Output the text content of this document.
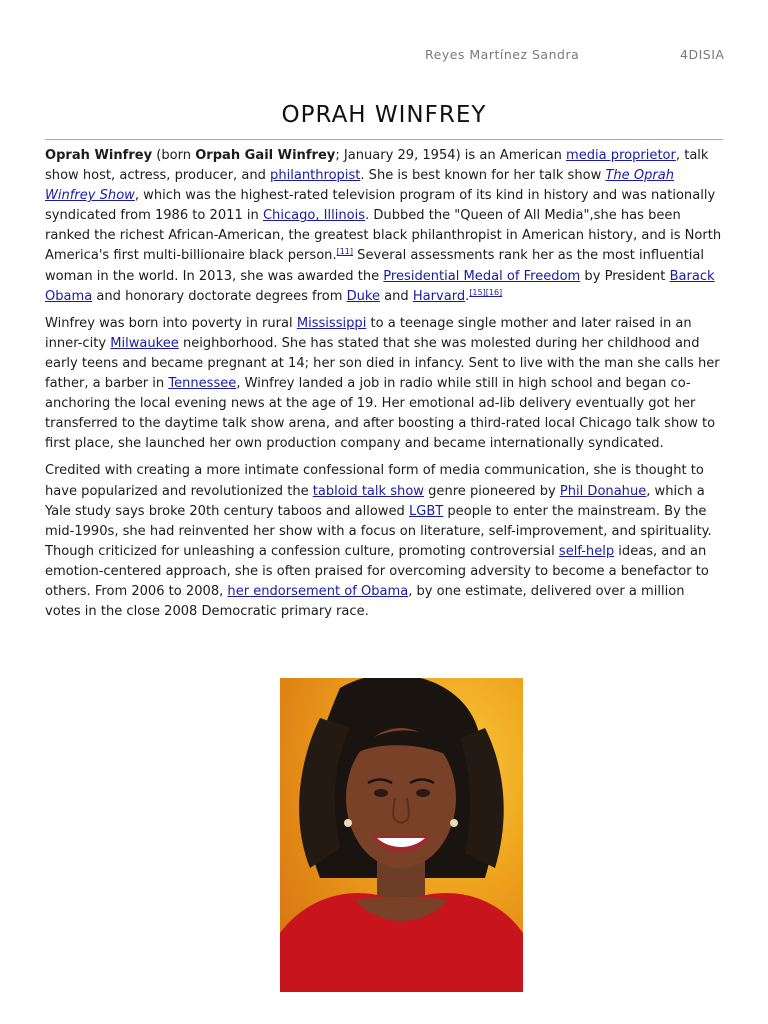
Reyes Martínez Sandra	4DISIA
OPRAH WINFREY

Oprah Winfrey (born Orpah Gail Winfrey; January 29, 1954) is an American media proprietor, talk show host, actress, producer, and philanthropist. She is best known for her talk show The Oprah Winfrey Show, which was the highest-rated television program of its kind in history and was nationally syndicated from 1986 to 2011 in Chicago, Illinois. Dubbed the "Queen of All Media",she has been ranked the richest African-American, the greatest black philanthropist in American history, and is North America's first multi-billionaire black person.[11] Several assessments rank her as the most influential woman in the world. In 2013, she was awarded the Presidential Medal of Freedom by President Barack Obama and honorary doctorate degrees from Duke and Harvard.[15][16]

Winfrey was born into poverty in rural Mississippi to a teenage single mother and later raised in an inner-city Milwaukee neighborhood. She has stated that she was molested during her childhood and early teens and became pregnant at 14; her son died in infancy. Sent to live with the man she calls her father, a barber in Tennessee, Winfrey landed a job in radio while still in high school and began co-anchoring the local evening news at the age of 19. Her emotional ad-lib delivery eventually got her transferred to the daytime talk show arena, and after boosting a third-rated local Chicago talk show to first place, she launched her own production company and became internationally syndicated.

Credited with creating a more intimate confessional form of media communication, she is thought to have popularized and revolutionized the tabloid talk show genre pioneered by Phil Donahue, which a Yale study says broke 20th century taboos and allowed LGBT people to enter the mainstream. By the mid-1990s, she had reinvented her show with a focus on literature, self-improvement, and spirituality. Though criticized for unleashing a confession culture, promoting controversial self-help ideas, and an emotion-centered approach, she is often praised for overcoming adversity to become a benefactor to others. From 2006 to 2008, her endorsement of Obama, by one estimate, delivered over a million votes in the close 2008 Democratic primary race.
